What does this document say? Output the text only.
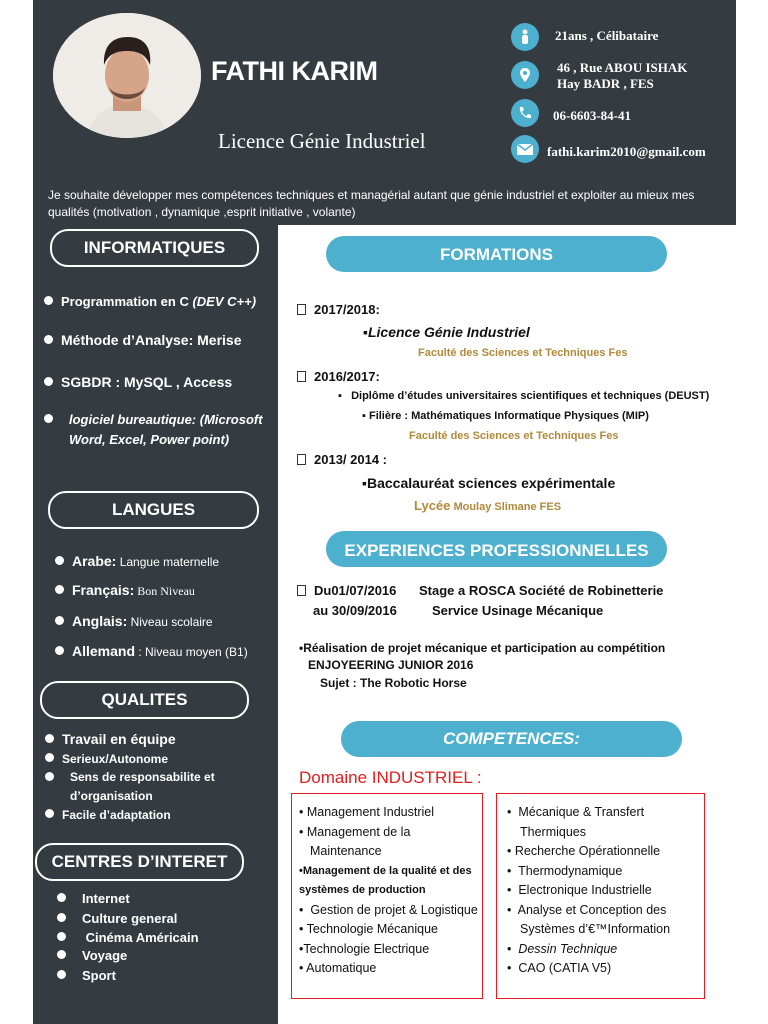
FATHI KARIM
Licence Génie Industriel
21ans , Célibataire
46 , Rue ABOU ISHAK
Hay BADR , FES
06-6603-84-41
fathi.karim2010@gmail.com
Je souhaite développer mes compétences techniques et managérial autant que génie industriel et exploiter au mieux mes qualités (motivation , dynamique ,esprit initiative , volante)
INFORMATIQUES
Programmation en C (DEV C++)
Méthode d’Analyse: Merise
SGBDR : MySQL , Access
logiciel bureautique: (Microsoft Word, Excel, Power point)
LANGUES
Arabe: Langue maternelle
Français: Bon Niveau
Anglais: Niveau scolaire
Allemand : Niveau moyen (B1)
QUALITES
Travail en équipe
Serieux/Autonome
Sens de responsabilite et d’organisation
Facile d’adaptation
CENTRES D’INTERET
Internet
Culture general
Cinéma Américain
Voyage
Sport
FORMATIONS
2017/2018:
▪Licence Génie Industriel
Faculté des Sciences et Techniques Fes
2016/2017:
▪   Diplôme d’études universitaires scientifiques et techniques (DEUST)
▪ Filière : Mathématiques Informatique Physiques (MIP)
Faculté des Sciences et Techniques Fes
2013/ 2014 :
▪Baccalauréat sciences expérimentale
Lycée Moulay Slimane FES
EXPERIENCES PROFESSIONNELLES
Du01/07/2016 Stage a ROSCA Société de Robinetterie
au 30/09/2016	Service Usinage Mécanique
•Réalisation de projet mécanique et participation au compétition
ENJOYEERING JUNIOR 2016
Sujet : The Robotic Horse
COMPETENCES:
Domaine INDUSTRIEL :
• Management Industriel
• Management de la Maintenance
•Management de la qualité et des systèmes de production
•  Gestion de projet & Logistique
• Technologie Mécanique
•Technologie Electrique
• Automatique
•  Mécanique & Transfert Thermiques
• Recherche Opérationnelle
•  Thermodynamique
•  Electronique Industrielle
•  Analyse et Conception des Systèmes d’€™Information
•  Dessin Technique
•  CAO (CATIA V5)
